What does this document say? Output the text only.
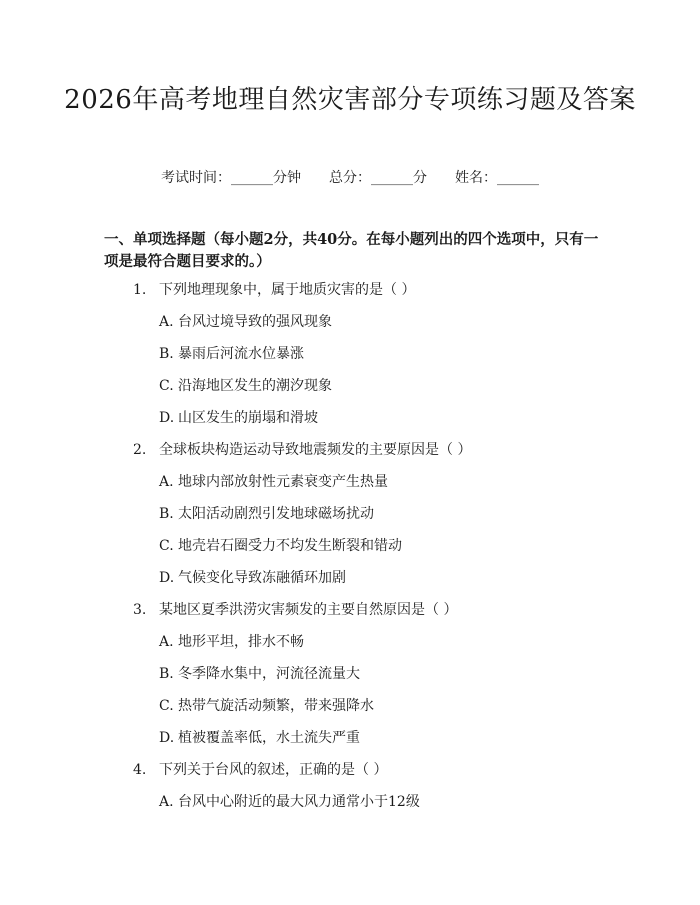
2026年高考地理自然灾害部分专项练习题及答案
考试时间：______分钟 总分：______分 姓名：______

一、单项选择题（每小题2分，共40分。在每小题列出的四个选项中，只有一项是最符合题目要求的。）

1. 下列地理现象中，属于地质灾害的是（ ）
A. 台风过境导致的强风现象
B. 暴雨后河流水位暴涨
C. 沿海地区发生的潮汐现象
D. 山区发生的崩塌和滑坡
2. 全球板块构造运动导致地震频发的主要原因是（ ）
A. 地球内部放射性元素衰变产生热量
B. 太阳活动剧烈引发地球磁场扰动
C. 地壳岩石圈受力不均发生断裂和错动
D. 气候变化导致冻融循环加剧
3. 某地区夏季洪涝灾害频发的主要自然原因是（ ）
A. 地形平坦，排水不畅
B. 冬季降水集中，河流径流量大
C. 热带气旋活动频繁，带来强降水
D. 植被覆盖率低，水土流失严重
4. 下列关于台风的叙述，正确的是（ ）
A. 台风中心附近的最大风力通常小于12级
